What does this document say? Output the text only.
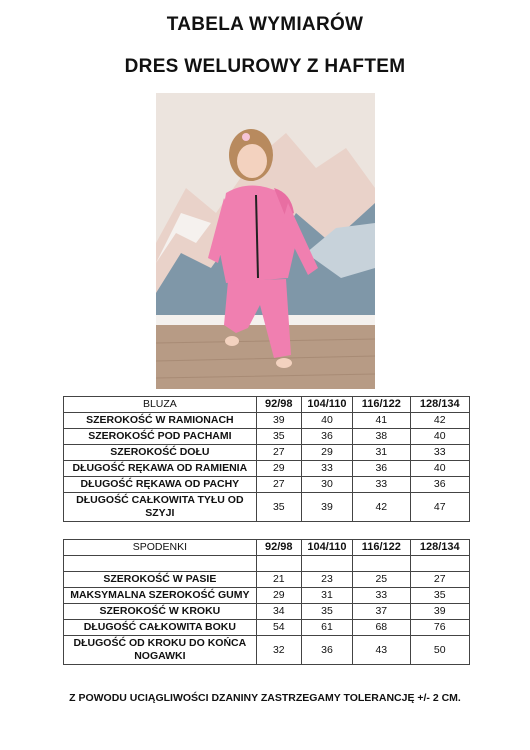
TABELA WYMIARÓW
DRES WELUROWY Z HAFTEM
BLUZA	92/98	104/110	116/122	128/134
SZEROKOŚĆ W RAMIONACH	39	40	41	42
SZEROKOŚĆ POD PACHAMI	35	36	38	40
SZEROKOŚĆ DOŁU	27	29	31	33
DŁUGOŚĆ RĘKAWA OD RAMIENIA	29	33	36	40
DŁUGOŚĆ RĘKAWA OD PACHY	27	30	33	36
DŁUGOŚĆ CAŁKOWITA TYŁU OD SZYJI	35	39	42	47
SPODENKI	92/98	104/110	116/122	128/134

SZEROKOŚĆ W PASIE	21	23	25	27
MAKSYMALNA SZEROKOŚĆ GUMY	29	31	33	35
SZEROKOŚĆ W KROKU	34	35	37	39
DŁUGOŚĆ CAŁKOWITA BOKU	54	61	68	76
DŁUGOŚĆ OD KROKU DO KOŃCA NOGAWKI	32	36	43	50
Z POWODU UCIĄGLIWOŚCI DZANINY ZASTRZEGAMY TOLERANCJĘ +/- 2 CM.
